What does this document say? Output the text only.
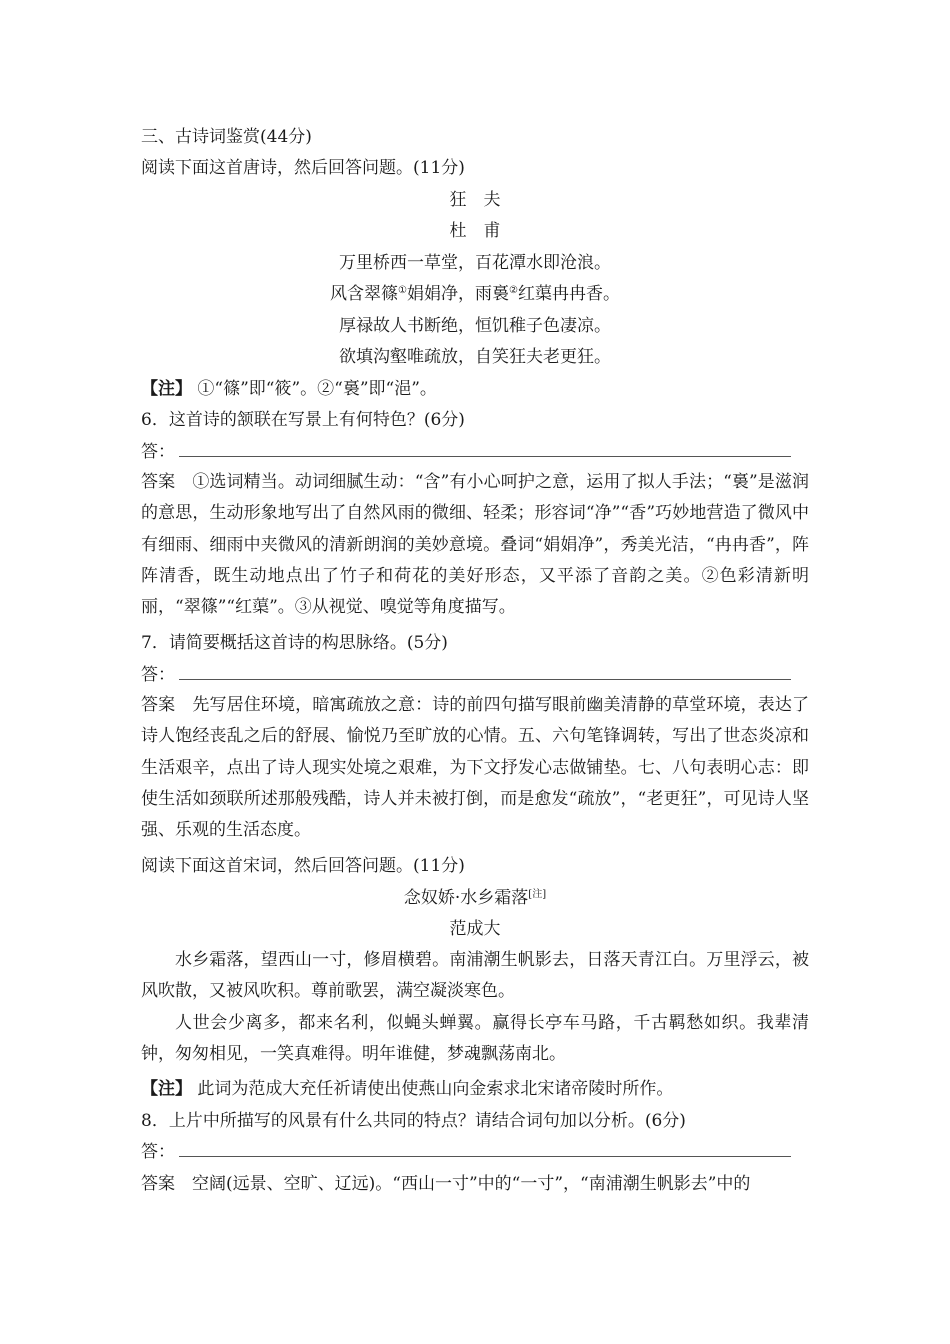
三、古诗词鉴赏(44分)
阅读下面这首唐诗，然后回答问题。(11分)
狂　夫
杜　甫
万里桥西一草堂，百花潭水即沧浪。
风含翠篠①娟娟净，雨裛②红蕖冉冉香。
厚禄故人书断绝，恒饥稚子色凄凉。
欲填沟壑唯疏放，自笑狂夫老更狂。
【注】 ①“篠”即“筱”。②“裛”即“浥”。
6．这首诗的颔联在写景上有何特色？(6分)
答：
答案　①选词精当。动词细腻生动：“含”有小心呵护之意，运用了拟人手法；“裛”是滋润的意思，生动形象地写出了自然风雨的微细、轻柔；形容词“净”“香”巧妙地营造了微风中有细雨、细雨中夹微风的清新朗润的美妙意境。叠词“娟娟净”，秀美光洁，“冉冉香”，阵阵清香，既生动地点出了竹子和荷花的美好形态，又平添了音韵之美。②色彩清新明丽，“翠篠”“红蕖”。③从视觉、嗅觉等角度描写。
7．请简要概括这首诗的构思脉络。(5分)
答：
答案　先写居住环境，暗寓疏放之意：诗的前四句描写眼前幽美清静的草堂环境，表达了诗人饱经丧乱之后的舒展、愉悦乃至旷放的心情。五、六句笔锋调转，写出了世态炎凉和生活艰辛，点出了诗人现实处境之艰难，为下文抒发心志做铺垫。七、八句表明心志：即使生活如颈联所述那般残酷，诗人并未被打倒，而是愈发“疏放”，“老更狂”，可见诗人坚强、乐观的生活态度。
阅读下面这首宋词，然后回答问题。(11分)
念奴娇·水乡霜落[注]
范成大
水乡霜落，望西山一寸，修眉横碧。南浦潮生帆影去，日落天青江白。万里浮云，被风吹散，又被风吹积。尊前歌罢，满空凝淡寒色。
人世会少离多，都来名利，似蝇头蝉翼。赢得长亭车马路，千古羁愁如织。我辈清钟，匆匆相见，一笑真难得。明年谁健，梦魂飘荡南北。
【注】 此词为范成大充任祈请使出使燕山向金索求北宋诸帝陵时所作。
8．上片中所描写的风景有什么共同的特点？请结合词句加以分析。(6分)
答：
答案　空阔(远景、空旷、辽远)。“西山一寸”中的“一寸”，“南浦潮生帆影去”中的
